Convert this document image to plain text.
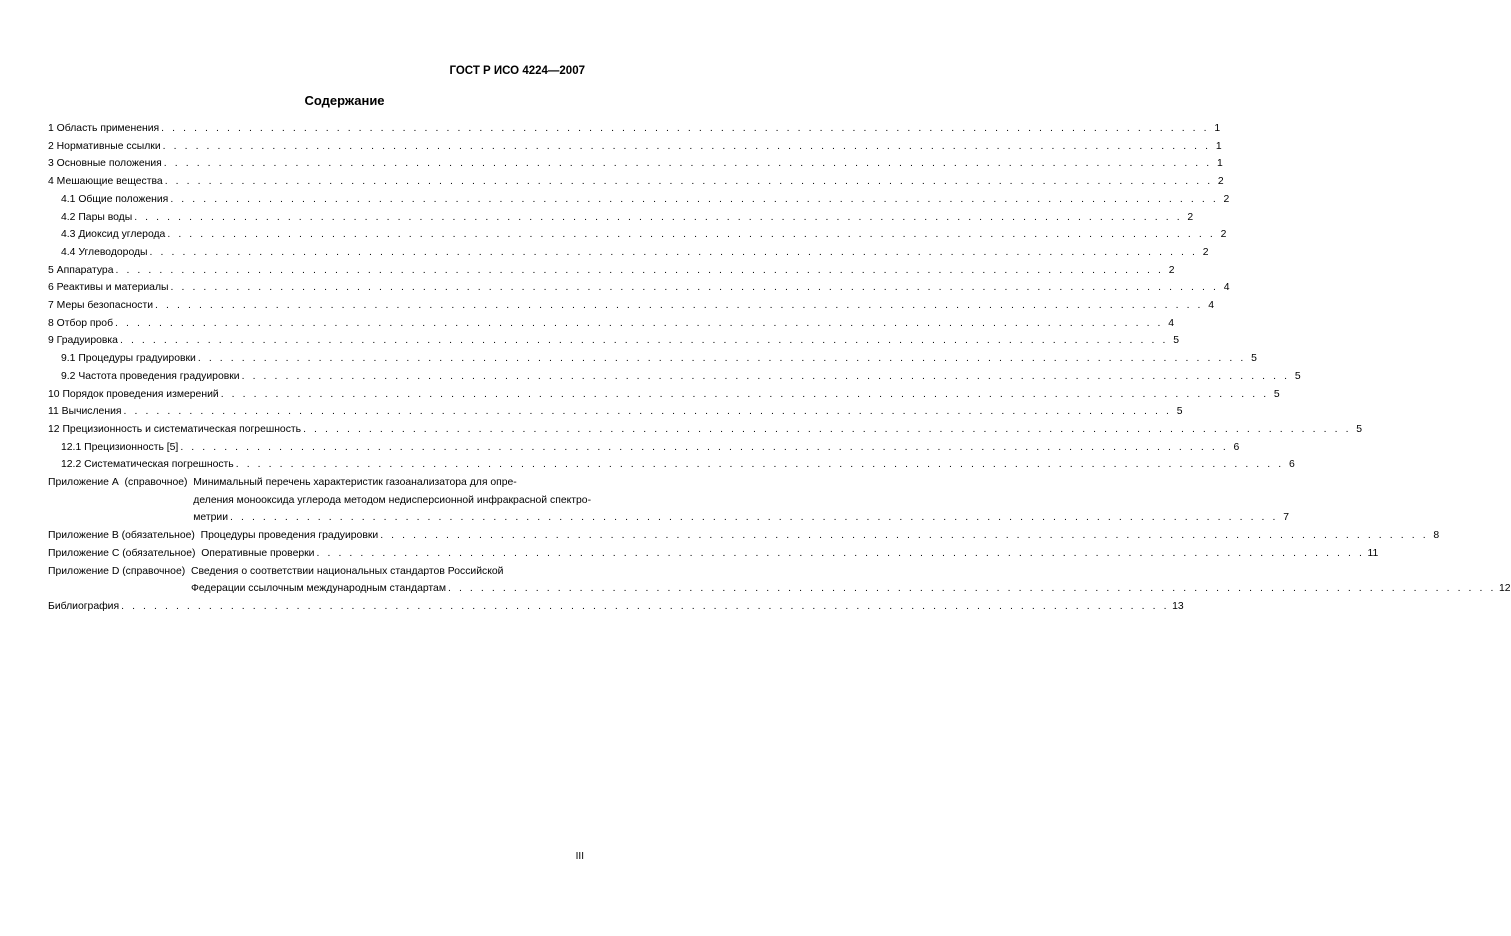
ГОСТ Р ИСО 4224—2007
Содержание
1 Область применения . . .	1
2 Нормативные ссылки . . .	1
3 Основные положения . . .	1
4 Мешающие вещества . . .	2
4.1 Общие положения . . .	2
4.2 Пары воды . . .	2
4.3 Диоксид углерода . . .	2
4.4 Углеводороды . . .	2
5 Аппаратура . . .	2
6 Реактивы и материалы . . .	4
7 Меры безопасности . . .	4
8 Отбор проб . . .	4
9 Градуировка . . .	5
9.1 Процедуры градуировки . . .	5
9.2 Частота проведения градуировки . . .	5
10 Порядок проведения измерений . . .	5
11 Вычисления . . .	5
12 Прецизионность и систематическая погрешность . . .	5
12.1 Прецизионность [5] . . .	6
12.2 Систематическая погрешность . . .	6
Приложение А  (справочное) Минимальный перечень характеристик газоанализатора для опре-
деления монооксида углерода методом недисперсионной инфракрасной спектро-
метрии . . .	7
Приложение В (обязательное) Процедуры проведения градуировки . . .	8
Приложение С (обязательное) Оперативные проверки . . .	11
Приложение D (справочное) Сведения о соответствии национальных стандартов Российской
Федерации ссылочным международным стандартам . . .	12
Библиография . . .	13
III
